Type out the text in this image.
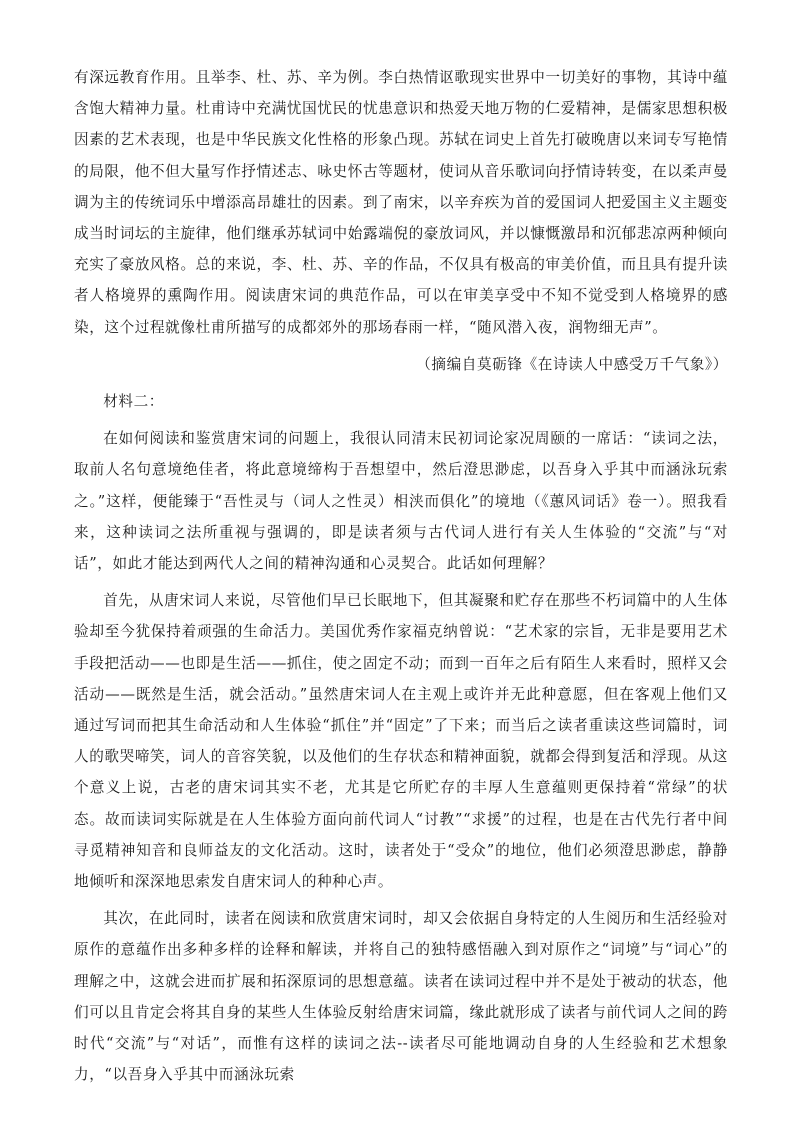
有深远教育作用。且举李、杜、苏、辛为例。李白热情讴歌现实世界中一切美好的事物，其诗中蕴含饱大精神力量。杜甫诗中充满忧国忧民的忧患意识和热爱天地万物的仁爱精神，是儒家思想积极因素的艺术表现，也是中华民族文化性格的形象凸现。苏轼在词史上首先打破晚唐以来词专写艳情的局限，他不但大量写作抒情述志、咏史怀古等题材，使词从音乐歌词向抒情诗转变，在以柔声曼调为主的传统词乐中增添高昂雄壮的因素。到了南宋，以辛弃疾为首的爱国词人把爱国主义主题变成当时词坛的主旋律，他们继承苏轼词中始露端倪的豪放词风，并以慷慨激昂和沉郁悲凉两种倾向充实了豪放风格。总的来说，李、杜、苏、辛的作品，不仅具有极高的审美价值，而且具有提升读者人格境界的熏陶作用。阅读唐宋词的典范作品，可以在审美享受中不知不觉受到人格境界的感染，这个过程就像杜甫所描写的成都郊外的那场春雨一样，“随风潜入夜，润物细无声”。

（摘编自莫砺锋《在诗读人中感受万千气象》）

材料二：

在如何阅读和鉴赏唐宋词的问题上，我很认同清末民初词论家况周颐的一席话：“读词之法，取前人名句意境绝佳者，将此意境缔构于吾想望中，然后澄思渺虑，以吾身入乎其中而涵泳玩索之。”这样，便能臻于“吾性灵与（词人之性灵）相浃而俱化”的境地（《蕙风词话》卷一）。照我看来，这种读词之法所重视与强调的，即是读者须与古代词人进行有关人生体验的“交流”与“对话”，如此才能达到两代人之间的精神沟通和心灵契合。此话如何理解？

首先，从唐宋词人来说，尽管他们早已长眠地下，但其凝聚和贮存在那些不朽词篇中的人生体验却至今犹保持着顽强的生命活力。美国优秀作家福克纳曾说：“艺术家的宗旨，无非是要用艺术手段把活动——也即是生活——抓住，使之固定不动；而到一百年之后有陌生人来看时，照样又会活动——既然是生活，就会活动。”虽然唐宋词人在主观上或许并无此种意愿，但在客观上他们又通过写词而把其生命活动和人生体验“抓住”并“固定”了下来；而当后之读者重读这些词篇时，词人的歌哭啼笑，词人的音容笑貌，以及他们的生存状态和精神面貌，就都会得到复活和浮现。从这个意义上说，古老的唐宋词其实不老，尤其是它所贮存的丰厚人生意蕴则更保持着“常绿”的状态。故而读词实际就是在人生体验方面向前代词人“讨教”“求援”的过程，也是在古代先行者中间寻觅精神知音和良师益友的文化活动。这时，读者处于“受众”的地位，他们必须澄思渺虑，静静地倾听和深深地思索发自唐宋词人的种种心声。

其次，在此同时，读者在阅读和欣赏唐宋词时，却又会依据自身特定的人生阅历和生活经验对原作的意蕴作出多种多样的诠释和解读，并将自己的独特感悟融入到对原作之“词境”与“词心”的理解之中，这就会进而扩展和拓深原词的思想意蕴。读者在读词过程中并不是处于被动的状态，他们可以且肯定会将其自身的某些人生体验反射给唐宋词篇，缘此就形成了读者与前代词人之间的跨时代“交流”与“对话”，而惟有这样的读词之法--读者尽可能地调动自身的人生经验和艺术想象力，“以吾身入乎其中而涵泳玩索
